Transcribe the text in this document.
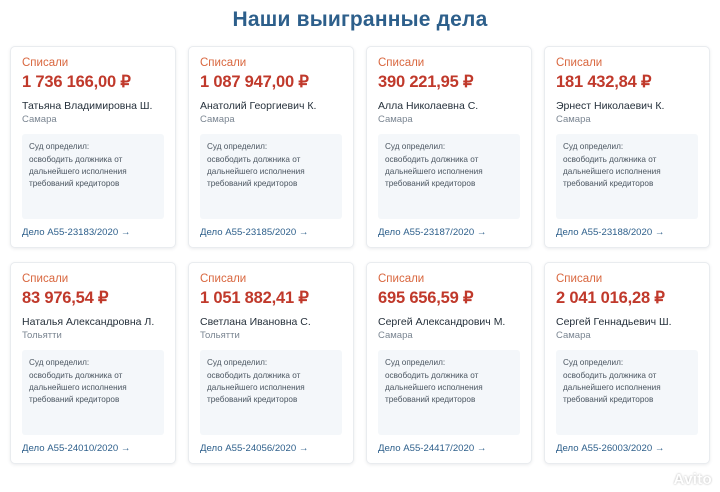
Наши выигранные дела
Списали
1 736 166,00 ₽
Татьяна Владимировна Ш.
Самара
Суд определил:
освободить должника от дальнейшего исполнения требований кредиторов
Дело А55-23183/2020 →
Списали
1 087 947,00 ₽
Анатолий Георгиевич К.
Самара
Суд определил:
освободить должника от дальнейшего исполнения требований кредиторов
Дело А55-23185/2020 →
Списали
390 221,95 ₽
Алла Николаевна С.
Самара
Суд определил:
освободить должника от дальнейшего исполнения требований кредиторов
Дело А55-23187/2020 →
Списали
181 432,84 ₽
Эрнест Николаевич К.
Самара
Суд определил:
освободить должника от дальнейшего исполнения требований кредиторов
Дело А55-23188/2020 →
Списали
83 976,54 ₽
Наталья Александровна Л.
Тольятти
Суд определил:
освободить должника от дальнейшего исполнения требований кредиторов
Дело А55-24010/2020 →
Списали
1 051 882,41 ₽
Светлана Ивановна С.
Тольятти
Суд определил:
освободить должника от дальнейшего исполнения требований кредиторов
Дело А55-24056/2020 →
Списали
695 656,59 ₽
Сергей Александрович М.
Самара
Суд определил:
освободить должника от дальнейшего исполнения требований кредиторов
Дело А55-24417/2020 →
Списали
2 041 016,28 ₽
Сергей Геннадьевич Ш.
Самара
Суд определил:
освободить должника от дальнейшего исполнения требований кредиторов
Дело А55-26003/2020 →
Avito
